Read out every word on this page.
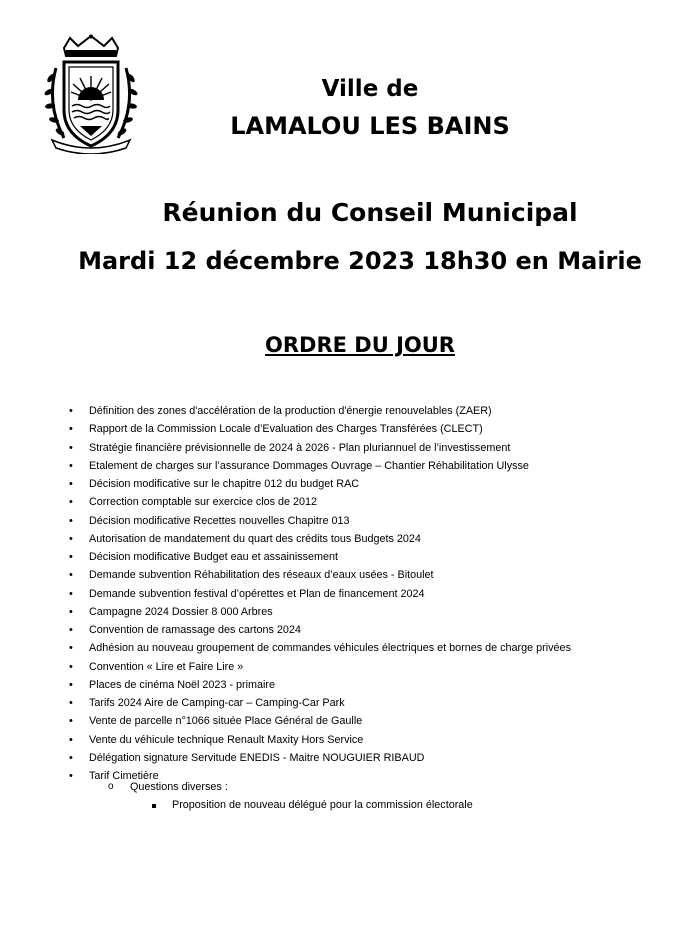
Ville de
LAMALOU LES BAINS
Réunion du Conseil Municipal
Mardi 12 décembre 2023 18h30 en Mairie
ORDRE DU JOUR
• Définition des zones d'accélération de la production d'énergie renouvelables (ZAER)
• Rapport de la Commission Locale d’Evaluation des Charges Transférées (CLECT)
• Stratégie financière prévisionnelle de 2024 à 2026 - Plan pluriannuel de l’investissement
• Etalement de charges sur l’assurance Dommages Ouvrage – Chantier Réhabilitation Ulysse
• Décision modificative sur le chapitre 012 du budget RAC
• Correction comptable sur exercice clos de 2012
• Décision modificative Recettes nouvelles Chapitre 013
• Autorisation de mandatement du quart des crédits tous Budgets 2024
• Décision modificative Budget eau et assainissement
• Demande subvention Réhabilitation des réseaux d’eaux usées - Bitoulet
• Demande subvention festival d’opérettes et Plan de financement 2024
• Campagne 2024 Dossier 8 000 Arbres
• Convention de ramassage des cartons 2024
• Adhésion au nouveau groupement de commandes véhicules électriques et bornes de charge privées
• Convention « Lire et Faire Lire »
• Places de cinéma Noël 2023 - primaire
• Tarifs 2024 Aire de Camping-car – Camping-Car Park
• Vente de parcelle n°1066 située Place Général de Gaulle
• Vente du véhicule technique Renault Maxity Hors Service
• Délégation signature Servitude ENEDIS - Maitre NOUGUIER RIBAUD
• Tarif Cimetière
o Questions diverses :
Proposition de nouveau délégué pour la commission électorale
